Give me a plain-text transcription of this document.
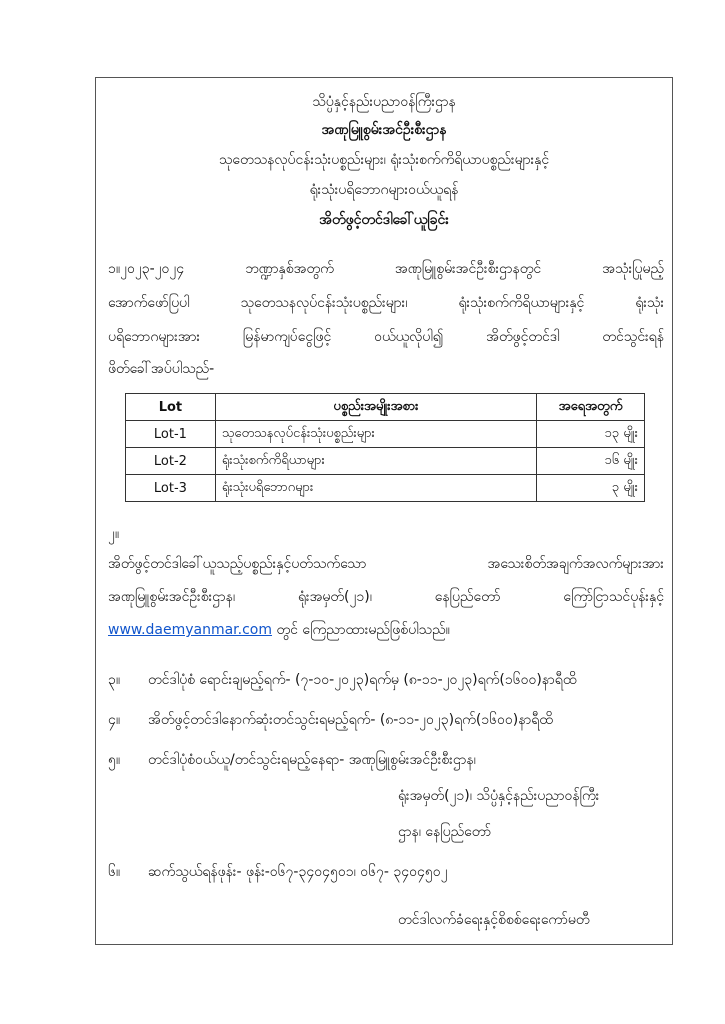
သိပ္ပံနှင့်နည်းပညာဝန်ကြီးဌာန
အဏုမြူစွမ်းအင်ဦးစီးဌာန
သုတေသနလုပ်ငန်းသုံးပစ္စည်းများ၊ ရုံးသုံးစက်ကိရိယာပစ္စည်းများနှင့်
ရုံးသုံးပရိဘောဂများဝယ်ယူရန်
အိတ်ဖွင့်တင်ဒါခေါ်ယူခြင်း
၁။၂၀၂၃-၂၀၂၄	ဘဏ္ဍာနှစ်အတွက်	အဏုမြူစွမ်းအင်ဦးစီးဌာနတွင်	အသုံးပြုမည့်
အောက်ဖော်ပြပါ	သုတေသနလုပ်ငန်းသုံးပစ္စည်းများ၊	ရုံးသုံးစက်ကိရိယာများနှင့်	ရုံးသုံး
ပရိဘောဂများအား	မြန်မာကျပ်ငွေဖြင့်	ဝယ်ယူလိုပါ၍	အိတ်ဖွင့်တင်ဒါ	တင်သွင်းရန်
ဖိတ်ခေါ်အပ်ပါသည်-
Lot	ပစ္စည်းအမျိုးအစား	အရေအတွက်
Lot-1	သုတေသနလုပ်ငန်းသုံးပစ္စည်းများ	၁၃ မျိုး
Lot-2	ရုံးသုံးစက်ကိရိယာများ	၁၆ မျိုး
Lot-3	ရုံးသုံးပရိဘောဂများ	၃ မျိုး
၂။
အိတ်ဖွင့်တင်ဒါခေါ်ယူသည့်ပစ္စည်းနှင့်ပတ်သက်သော	အသေးစိတ်အချက်အလက်များအား
အဏုမြူစွမ်းအင်ဦးစီးဌာန၊	ရုံးအမှတ်(၂၁)၊	နေပြည်တော်	ကြော်ငြာသင်ပုန်းနှင့်
www.daemyanmar.com တွင် ကြေညာထားမည်ဖြစ်ပါသည်။
၃။ တင်ဒါပုံစံ ရောင်းချမည့်ရက်- (၇-၁၀-၂၀၂၃)ရက်မှ (၈-၁၁-၂၀၂၃)ရက်(၁၆၀၀)နာရီထိ
၄။ အိတ်ဖွင့်တင်ဒါနောက်ဆုံးတင်သွင်းရမည့်ရက်- (၈-၁၁-၂၀၂၃)ရက်(၁၆၀၀)နာရီထိ
၅။ တင်ဒါပုံစံဝယ်ယူ/တင်သွင်းရမည့်နေရာ- အဏုမြူစွမ်းအင်ဦးစီးဌာန၊
ရုံးအမှတ်(၂၁)၊ သိပ္ပံနှင့်နည်းပညာဝန်ကြီး
ဌာန၊ နေပြည်တော်
၆။ ဆက်သွယ်ရန်ဖုန်း- ဖုန်း-၀၆၇-၃၄၀၄၅၀၁၊ ၀၆၇- ၃၄၀၄၅၀၂
တင်ဒါလက်ခံရေးနှင့်စိစစ်ရေးကော်မတီ
